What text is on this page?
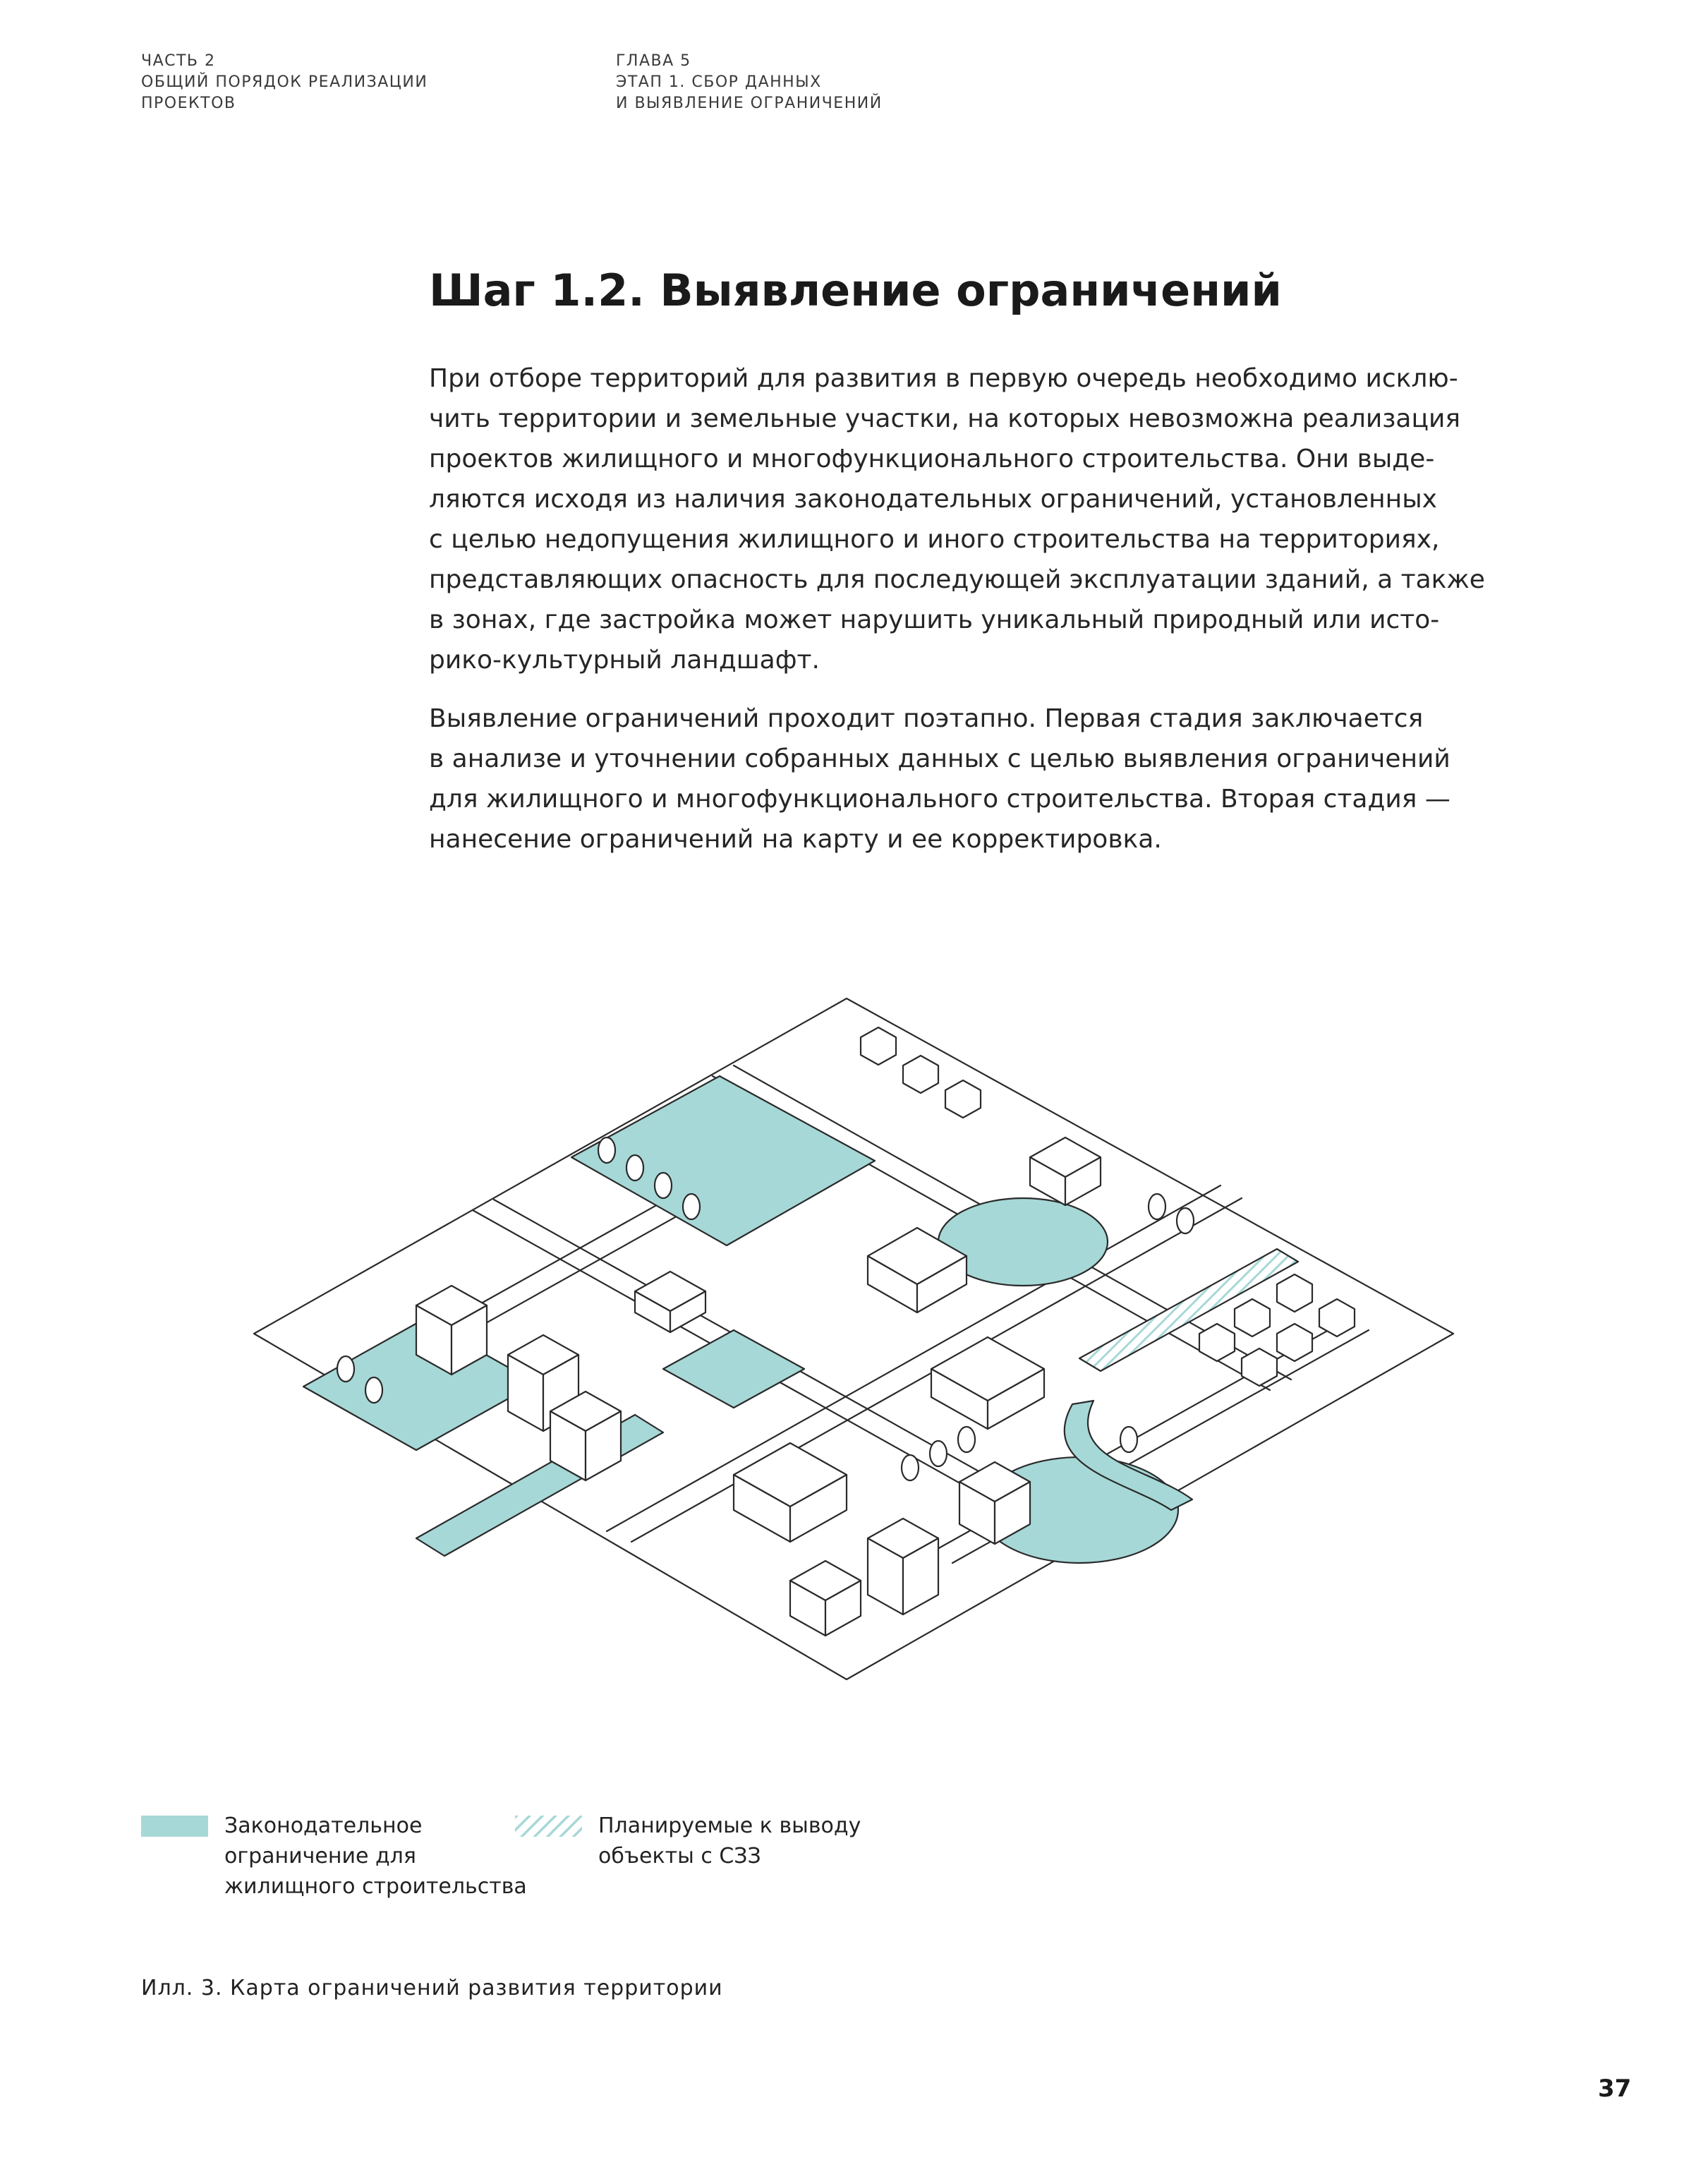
ЧАСТЬ 2
ОБЩИЙ ПОРЯДОК РЕАЛИЗАЦИИ
ПРОЕКТОВ
ГЛАВА 5
ЭТАП 1. СБОР ДАННЫХ
И ВЫЯВЛЕНИЕ ОГРАНИЧЕНИЙ
Шаг 1.2. Выявление ограничений
При отборе территорий для развития в первую очередь необходимо исклю-
чить территории и земельные участки, на которых невозможна реализация
проектов жилищного и многофункционального строительства. Они выде-
ляются исходя из наличия законодательных ограничений, установленных
с целью недопущения жилищного и иного строительства на территориях,
представляющих опасность для последующей эксплуатации зданий, а также
в зонах, где застройка может нарушить уникальный природный или исто-
рико-культурный ландшафт.
Выявление ограничений проходит поэтапно. Первая стадия заключается
в анализе и уточнении собранных данных с целью выявления ограничений
для жилищного и многофункционального строительства. Вторая стадия —
нанесение ограничений на карту и ее корректировка.
Законодательное
ограничение для
жилищного строительства
Планируемые к выводу
объекты с СЗЗ
Илл. 3. Карта ограничений развития территории
37
